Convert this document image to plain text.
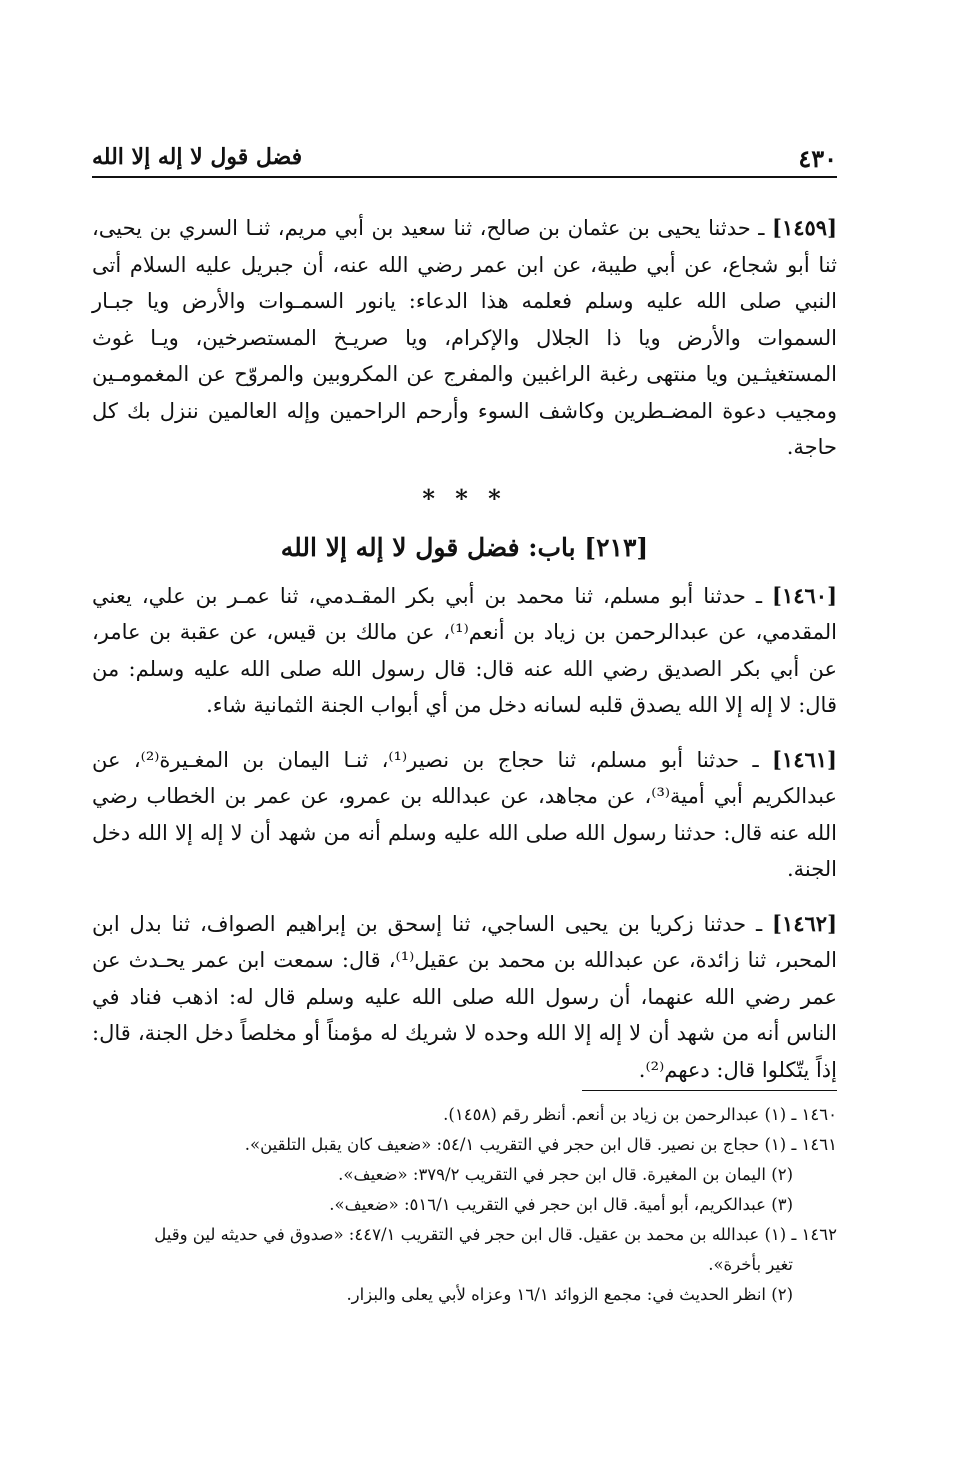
٤٣٠
فضل قول لا إله إلا الله

[١٤٥٩] ـ حدثنا يحيى بن عثمان بن صالح، ثنا سعيد بن أبي مريم، ثنـا السري بن يحيى، ثنا أبو شجاع، عن أبي طيبة، عن ابن عمر رضي الله عنه، أن جبريل عليه السلام أتى النبي صلى الله عليه وسلم فعلمه هذا الدعاء: يانور السمـوات والأرض ويا جبـار السموات والأرض ويا ذا الجلال والإكرام، ويا صريـخ المستصرخين، ويـا غوث المستغيثـين ويا منتهى رغبة الراغبين والمفرج عن المكروبين والمروّح عن المغمومـين ومجيب دعوة المضـطرين وكاشف السوء وأرحم الراحمين وإله العالمين ننزل بك كل حاجة.

* * *
[٢١٣] باب: فضل قول لا إله إلا الله

[١٤٦٠] ـ حدثنا أبو مسلم، ثنا محمد بن أبي بكر المقـدمي، ثنا عمـر بن علي، يعني المقدمي، عن عبدالرحمن بن زياد بن أنعم⁽¹⁾، عن مالك بن قيس، عن عقبة بن عامر، عن أبي بكر الصديق رضي الله عنه قال: قال رسول الله صلى الله عليه وسلم: من قال: لا إله إلا الله يصدق قلبه لسانه دخل من أي أبواب الجنة الثمانية شاء.

[١٤٦١] ـ حدثنا أبو مسلم، ثنا حجاج بن نصير⁽¹⁾، ثنـا اليمان بن المغـيرة⁽²⁾، عن عبدالكريم أبي أمية⁽³⁾، عن مجاهد، عن عبدالله بن عمرو، عن عمر بن الخطاب رضي الله عنه قال: حدثنا رسول الله صلى الله عليه وسلم أنه من شهد أن لا إله إلا الله دخل الجنة.

[١٤٦٢] ـ حدثنا زكريا بن يحيى الساجي، ثنا إسحق بن إبراهيم الصواف، ثنا بدل ابن المحبر، ثنا زائدة، عن عبدالله بن محمد بن عقيل⁽¹⁾، قال: سمعت ابن عمر يحـدث عن عمر رضي الله عنهما، أن رسول الله صلى الله عليه وسلم قال له: اذهب فناد في الناس أنه من شهد أن لا إله إلا الله وحده لا شريك له مؤمناً أو مخلصاً دخل الجنة، قال: إذاً يتّكلوا قال: دعهم⁽²⁾.

١٤٦٠ ـ (١) عبدالرحمن بن زياد بن أنعم. أنظر رقم (١٤٥٨).

١٤٦١ ـ (١) حجاج بن نصير. قال ابن حجر في التقريب ٥٤/١: «ضعيف كان يقبل التلقين».

(٢) اليمان بن المغيرة. قال ابن حجر في التقريب ٣٧٩/٢: «ضعيف».

(٣) عبدالكريم، أبو أمية. قال ابن حجر في التقريب ٥١٦/١: «ضعيف».

١٤٦٢ ـ (١) عبدالله بن محمد بن عقيل. قال ابن حجر في التقريب ٤٤٧/١: «صدوق في حديثه لين وقيل
تغير بأخرة».

(٢) انظر الحديث في: مجمع الزوائد ١٦/١ وعزاه لأبي يعلى والبزار.
